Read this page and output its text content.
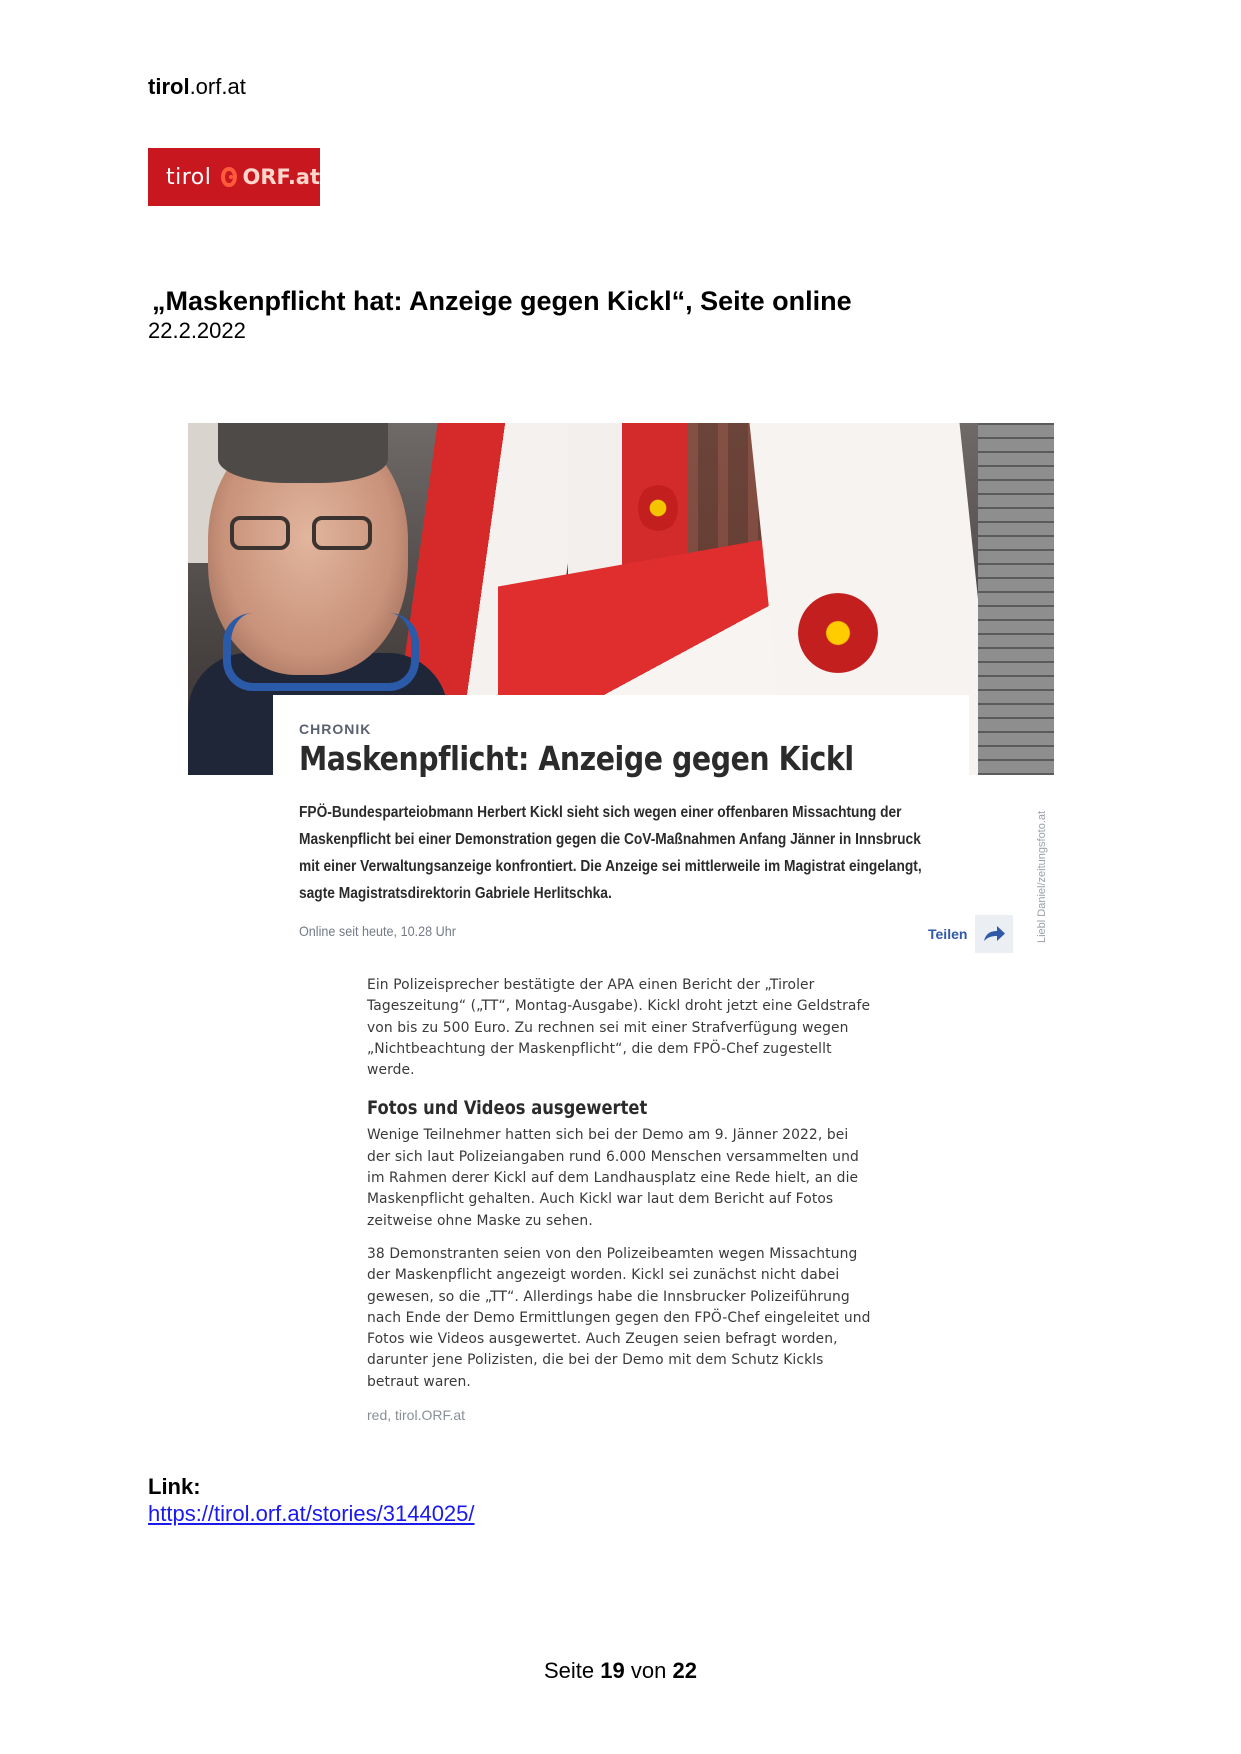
tirol.orf.at
tirol ORF.at
„Maskenpflicht hat: Anzeige gegen Kickl“, Seite online
22.2.2022
CHRONIK
Maskenpflicht: Anzeige gegen Kickl
FPÖ-Bundesparteiobmann Herbert Kickl sieht sich wegen einer offenbaren Missachtung der Maskenpflicht bei einer Demonstration gegen die CoV-Maßnahmen Anfang Jänner in Innsbruck mit einer Verwaltungsanzeige konfrontiert. Die Anzeige sei mittlerweile im Magistrat eingelangt, sagte Magistratsdirektorin Gabriele Herlitschka.
Online seit heute, 10.28 Uhr	Teilen	Liebl Daniel/zeitungsfoto.at

Ein Polizeisprecher bestätigte der APA einen Bericht der „Tiroler Tageszeitung“ („TT“, Montag-Ausgabe). Kickl droht jetzt eine Geldstrafe von bis zu 500 Euro. Zu rechnen sei mit einer Strafverfügung wegen „Nichtbeachtung der Maskenpflicht“, die dem FPÖ-Chef zugestellt werde.

Fotos und Videos ausgewertet

Wenige Teilnehmer hatten sich bei der Demo am 9. Jänner 2022, bei der sich laut Polizeiangaben rund 6.000 Menschen versammelten und im Rahmen derer Kickl auf dem Landhausplatz eine Rede hielt, an die Maskenpflicht gehalten. Auch Kickl war laut dem Bericht auf Fotos zeitweise ohne Maske zu sehen.

38 Demonstranten seien von den Polizeibeamten wegen Missachtung der Maskenpflicht angezeigt worden. Kickl sei zunächst nicht dabei gewesen, so die „TT“. Allerdings habe die Innsbrucker Polizeiführung nach Ende der Demo Ermittlungen gegen den FPÖ-Chef eingeleitet und Fotos wie Videos ausgewertet. Auch Zeugen seien befragt worden, darunter jene Polizisten, die bei der Demo mit dem Schutz Kickls betraut waren.

red, tirol.ORF.at
Link:
https://tirol.orf.at/stories/3144025/
Seite 19 von 22
